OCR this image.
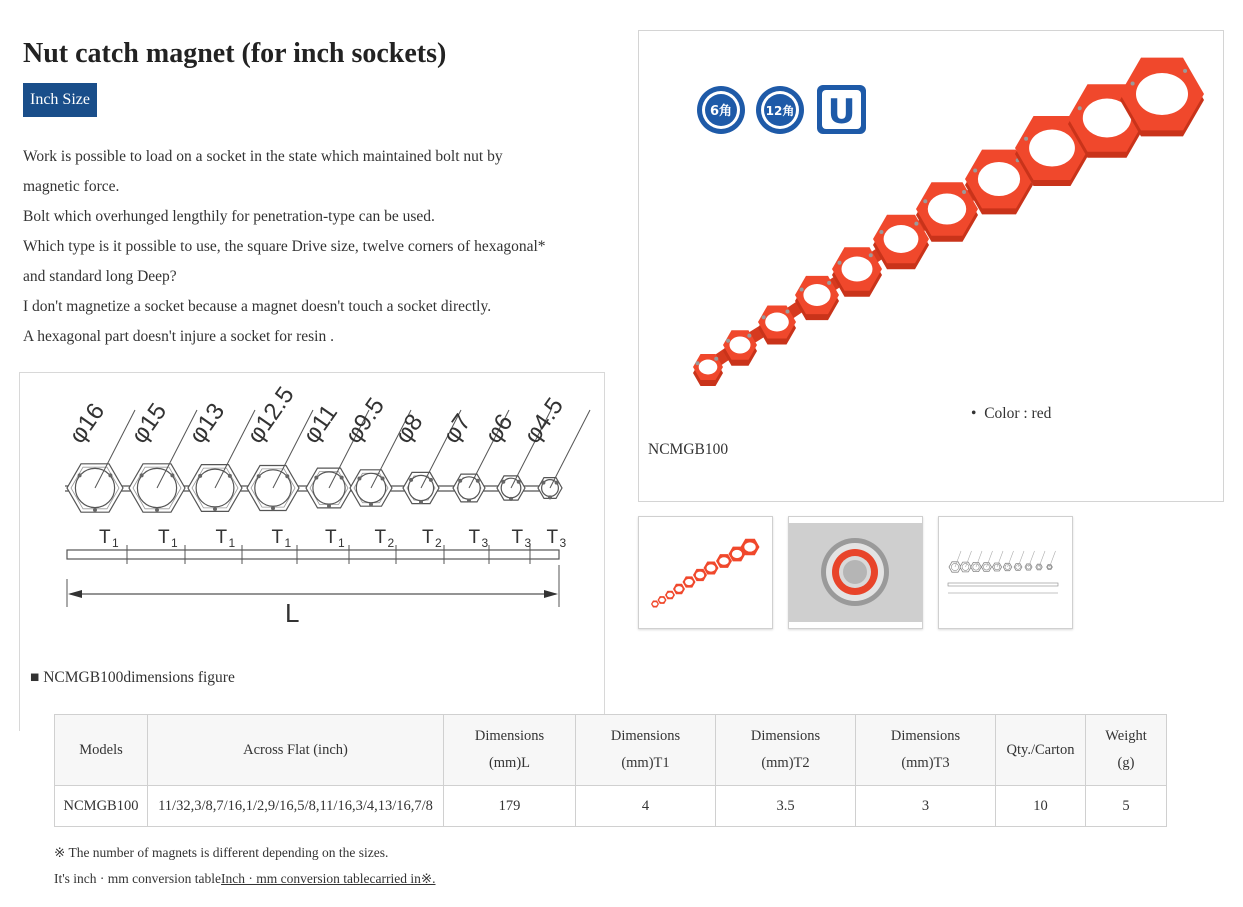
Nut catch magnet (for inch sockets)
Inch Size

Work is possible to load on a socket in the state which maintained bolt nut by

magnetic force.

Bolt which overhunged lengthily for penetration-type can be used.

Which type is it possible to use, the square Drive size, twelve corners of hexagonal*

and standard long Deep?

I don't magnetize a socket because a magnet doesn't touch a socket directly.

A hexagonal part doesn't injure a socket for resin .

φ16 φ15 φ13 φ12.5
φ11
φ9.5 φ8 φ7 φ6 φ4.5
T 1 T 1 T 1 T 1 T 1 T 2 T 2 T 3 T 3 T 3
L
■ NCMGB100dimensions figure
6角	12角 U
• Color : red
NCMGB100
Models	Across Flat (inch)	Dimensions
(mm)L	Dimensions
(mm)T1	Dimensions
(mm)T2	Dimensions
(mm)T3	Qty./Carton	Weight
(g)
NCMGB100	11/32,3/8,7/16,1/2,9/16,5/8,11/16,3/4,13/16,7/8	179	4	3.5	3	10	5
※ The number of magnets is different depending on the sizes.
It's inch · mm conversion tableInch · mm conversion tablecarried in※.
